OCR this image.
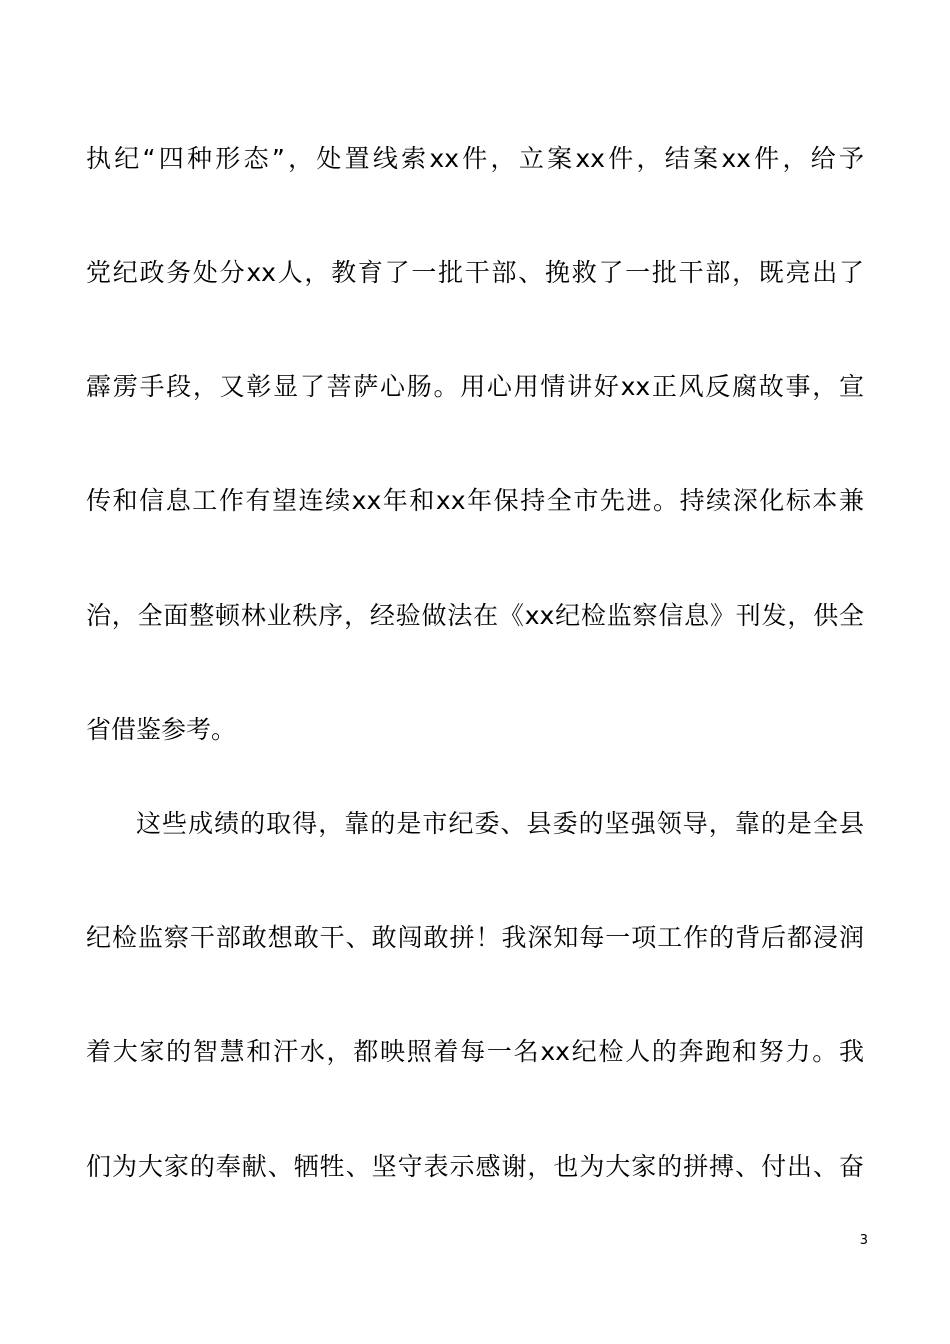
执纪“四种形态”，处置线索xx件，立案xx件，结案xx件，给予
党纪政务处分xx人，教育了一批干部、挽救了一批干部，既亮出了
霹雳手段，又彰显了菩萨心肠。用心用情讲好xx正风反腐故事，宣
传和信息工作有望连续xx年和xx年保持全市先进。持续深化标本兼
治，全面整顿林业秩序，经验做法在《xx纪检监察信息》刊发，供全
省借鉴参考。
这些成绩的取得，靠的是市纪委、县委的坚强领导，靠的是全县
纪检监察干部敢想敢干、敢闯敢拼！我深知每一项工作的背后都浸润
着大家的智慧和汗水，都映照着每一名xx纪检人的奔跑和努力。我
们为大家的奉献、牺牲、坚守表示感谢，也为大家的拼搏、付出、奋
3
